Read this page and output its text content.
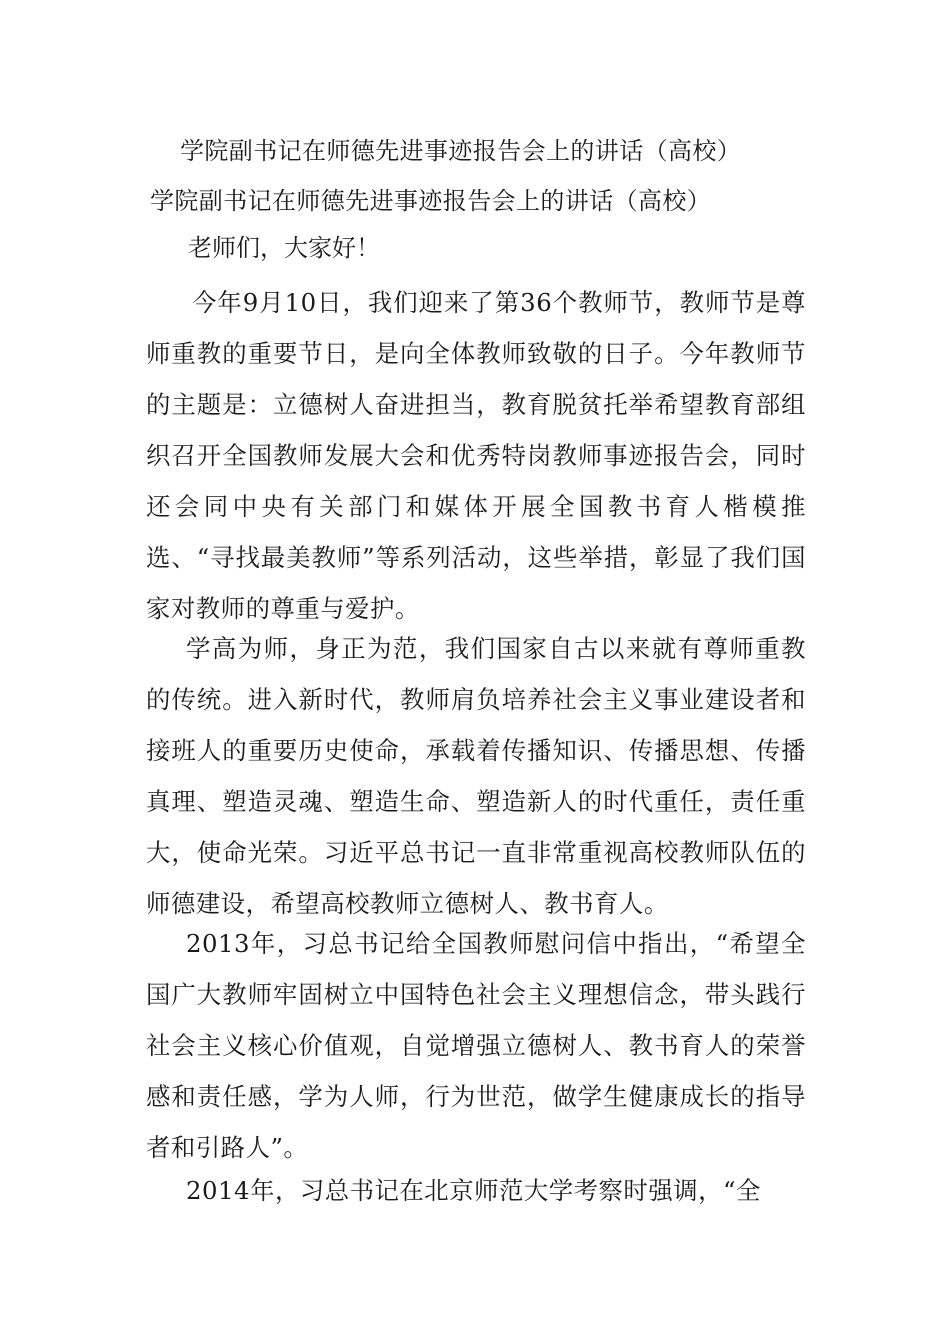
学院副书记在师德先进事迹报告会上的讲话（高校）
学院副书记在师德先进事迹报告会上的讲话（高校）
老师们，大家好！

今年9月10日，我们迎来了第36个教师节，教师节是尊师重教的重要节日，是向全体教师致敬的日子。今年教师节的主题是：立德树人奋进担当，教育脱贫托举希望教育部组织召开全国教师发展大会和优秀特岗教师事迹报告会，同时还会同中央有关部门和媒体开展全国教书育人楷模推选、“寻找最美教师”等系列活动，这些举措，彰显了我们国家对教师的尊重与爱护。

学高为师，身正为范，我们国家自古以来就有尊师重教的传统。进入新时代，教师肩负培养社会主义事业建设者和接班人的重要历史使命，承载着传播知识、传播思想、传播真理、塑造灵魂、塑造生命、塑造新人的时代重任，责任重大，使命光荣。习近平总书记一直非常重视高校教师队伍的师德建设，希望高校教师立德树人、教书育人。

2013年，习总书记给全国教师慰问信中指出，“希望全国广大教师牢固树立中国特色社会主义理想信念，带头践行社会主义核心价值观，自觉增强立德树人、教书育人的荣誉感和责任感，学为人师，行为世范，做学生健康成长的指导者和引路人”。

2014年，习总书记在北京师范大学考察时强调，“全
